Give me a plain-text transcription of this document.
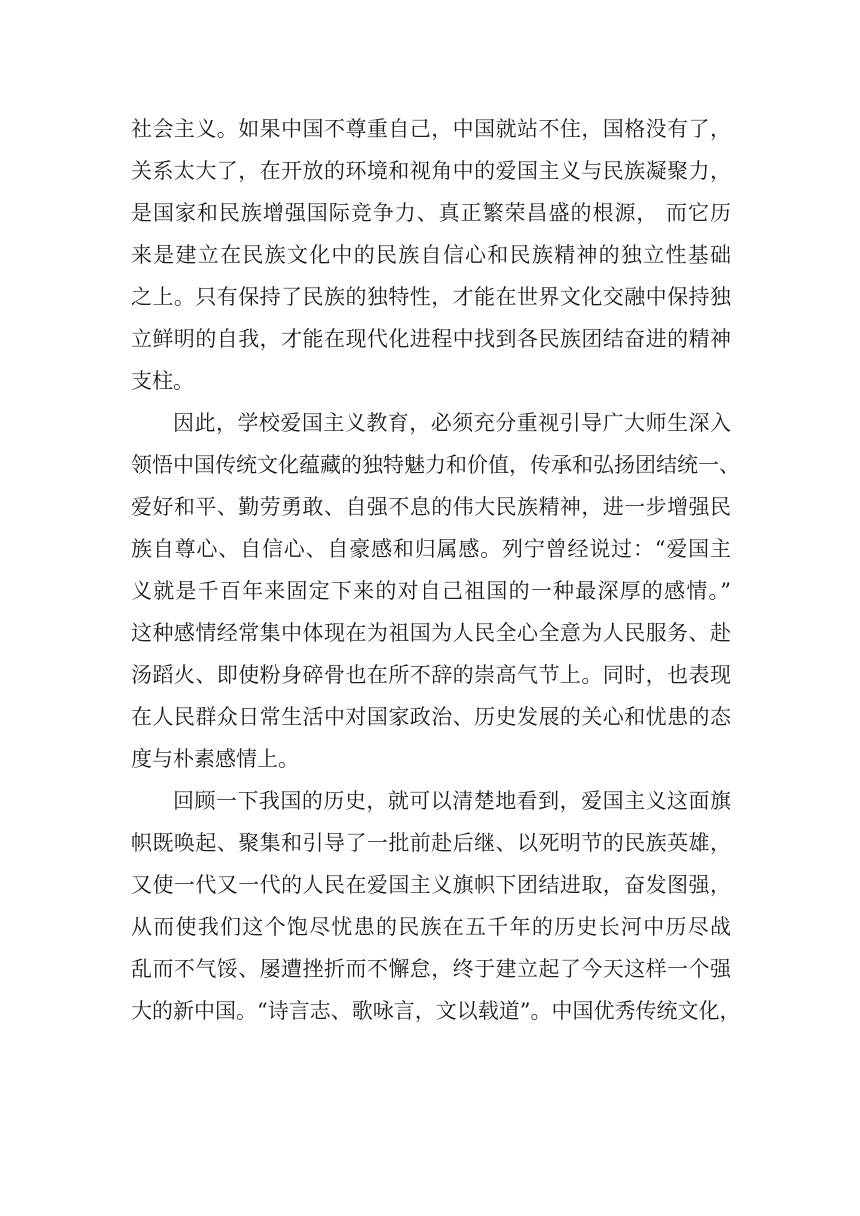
社会主义。如果中国不尊重自己，中国就站不住，国格没有了，
关系太大了，在开放的环境和视角中的爱国主义与民族凝聚力，
是国家和民族增强国际竞争力、真正繁荣昌盛的根源， 而它历
来是建立在民族文化中的民族自信心和民族精神的独立性基础
之上。只有保持了民族的独特性，才能在世界文化交融中保持独
立鲜明的自我，才能在现代化进程中找到各民族团结奋进的精神
支柱。
因此，学校爱国主义教育，必须充分重视引导广大师生深入
领悟中国传统文化蕴藏的独特魅力和价值，传承和弘扬团结统一、
爱好和平、勤劳勇敢、自强不息的伟大民族精神，进一步增强民
族自尊心、自信心、自豪感和归属感。列宁曾经说过：“爱国主
义就是千百年来固定下来的对自己祖国的一种最深厚的感情。”
这种感情经常集中体现在为祖国为人民全心全意为人民服务、赴
汤蹈火、即使粉身碎骨也在所不辞的崇高气节上。同时，也表现
在人民群众日常生活中对国家政治、历史发展的关心和忧患的态
度与朴素感情上。
回顾一下我国的历史，就可以清楚地看到，爱国主义这面旗
帜既唤起、聚集和引导了一批前赴后继、以死明节的民族英雄，
又使一代又一代的人民在爱国主义旗帜下团结进取，奋发图强，
从而使我们这个饱尽忧患的民族在五千年的历史长河中历尽战
乱而不气馁、屡遭挫折而不懈怠，终于建立起了今天这样一个强
大的新中国。“诗言志、歌咏言，文以载道”。中国优秀传统文化，
